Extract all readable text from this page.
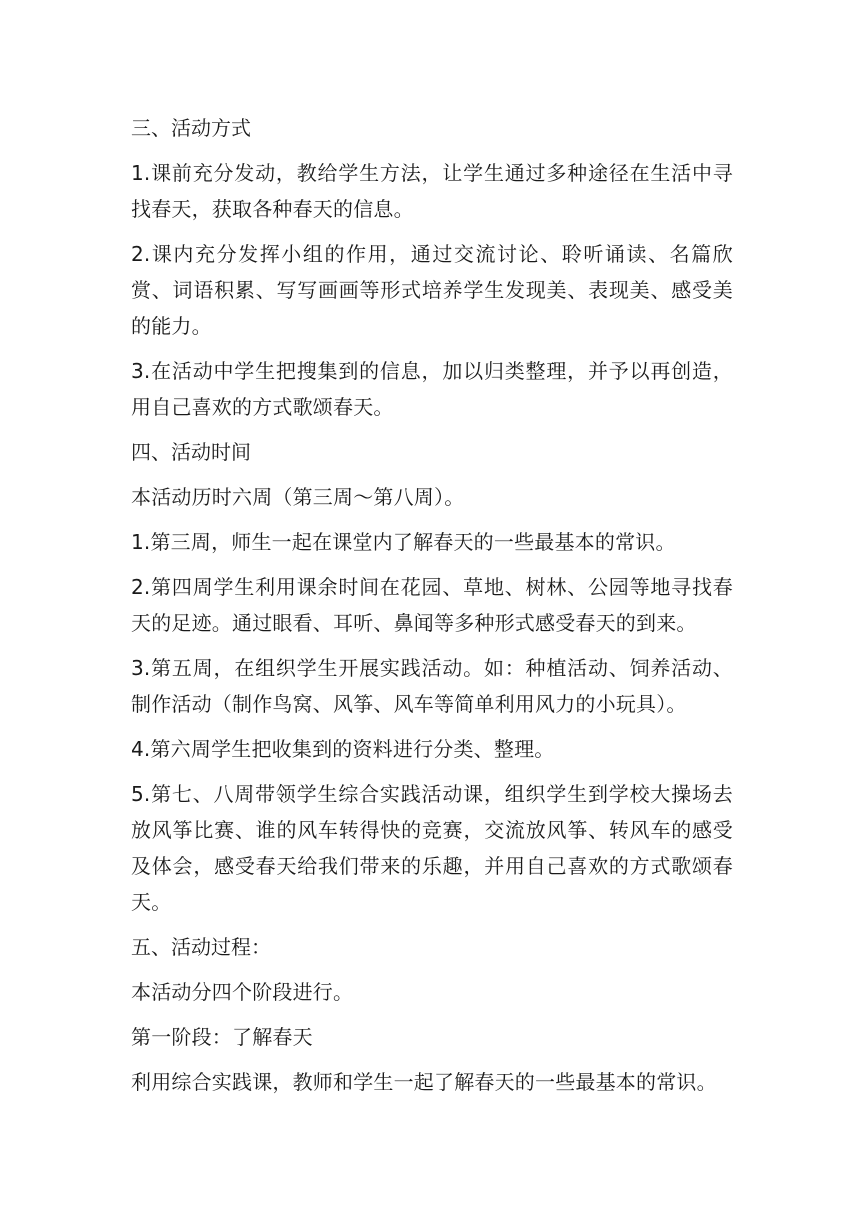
三、活动方式

1.课前充分发动，教给学生方法，让学生通过多种途径在生活中寻找春天，获取各种春天的信息。

2.课内充分发挥小组的作用，通过交流讨论、聆听诵读、名篇欣赏、词语积累、写写画画等形式培养学生发现美、表现美、感受美的能力。

3.在活动中学生把搜集到的信息，加以归类整理，并予以再创造，用自己喜欢的方式歌颂春天。

四、活动时间

本活动历时六周（第三周～第八周）。

1.第三周，师生一起在课堂内了解春天的一些最基本的常识。

2.第四周学生利用课余时间在花园、草地、树林、公园等地寻找春天的足迹。通过眼看、耳听、鼻闻等多种形式感受春天的到来。

3.第五周，在组织学生开展实践活动。如：种植活动、饲养活动、制作活动（制作鸟窝、风筝、风车等简单利用风力的小玩具）。

4.第六周学生把收集到的资料进行分类、整理。

5.第七、八周带领学生综合实践活动课，组织学生到学校大操场去放风筝比赛、谁的风车转得快的竞赛，交流放风筝、转风车的感受及体会，感受春天给我们带来的乐趣，并用自己喜欢的方式歌颂春天。

五、活动过程：

本活动分四个阶段进行。

第一阶段：了解春天

利用综合实践课，教师和学生一起了解春天的一些最基本的常识。
